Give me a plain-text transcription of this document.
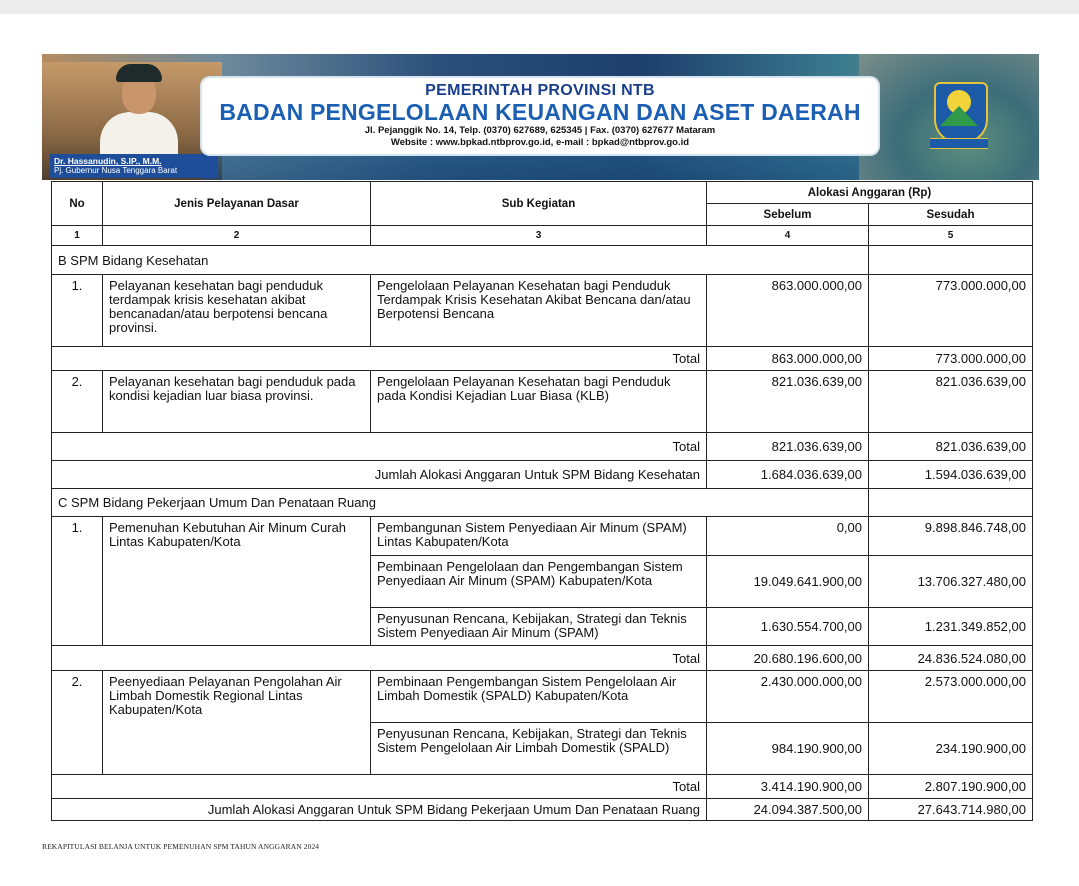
Dr. Hassanudin, S.IP., M.M.
Pj. Gubernur Nusa Tenggara Barat
PEMERINTAH PROVINSI NTB
BADAN PENGELOLAAN KEUANGAN DAN ASET DAERAH
Jl. Pejanggik No. 14, Telp. (0370) 627689, 625345 | Fax. (0370) 627677 Mataram
Website : www.bpkad.ntbprov.go.id, e-mail : bpkad@ntbprov.go.id
No	Jenis Pelayanan Dasar	Sub Kegiatan	Alokasi Anggaran (Rp)	
			Sebelum	Sesudah
1	2	3	4	5
B SPM Bidang Kesehatan				
1.	Pelayanan kesehatan bagi penduduk terdampak krisis kesehatan akibat bencanadan/atau berpotensi bencana provinsi.	Pengelolaan Pelayanan Kesehatan bagi Penduduk Terdampak Krisis Kesehatan Akibat Bencana dan/atau Berpotensi Bencana	863.000.000,00	773.000.000,00
Total			863.000.000,00	773.000.000,00
2.	Pelayanan kesehatan bagi penduduk pada kondisi kejadian luar biasa provinsi.	Pengelolaan Pelayanan Kesehatan bagi Penduduk pada Kondisi Kejadian Luar Biasa (KLB)	821.036.639,00	821.036.639,00
Total			821.036.639,00	821.036.639,00
Jumlah Alokasi Anggaran Untuk SPM Bidang Kesehatan			1.684.036.639,00	1.594.036.639,00
C SPM Bidang Pekerjaan Umum Dan Penataan Ruang				
1.	Pemenuhan Kebutuhan Air Minum Curah Lintas Kabupaten/Kota	Pembangunan Sistem Penyediaan Air Minum (SPAM) Lintas Kabupaten/Kota	0,00	9.898.846.748,00
		Pembinaan Pengelolaan dan Pengembangan Sistem Penyediaan Air Minum (SPAM) Kabupaten/Kota	19.049.641.900,00	13.706.327.480,00
		Penyusunan Rencana, Kebijakan, Strategi dan Teknis Sistem Penyediaan Air Minum (SPAM)	1.630.554.700,00	1.231.349.852,00
Total			20.680.196.600,00	24.836.524.080,00
2.	Peenyediaan Pelayanan Pengolahan Air Limbah Domestik Regional Lintas Kabupaten/Kota	Pembinaan Pengembangan Sistem Pengelolaan Air Limbah Domestik (SPALD) Kabupaten/Kota	2.430.000.000,00	2.573.000.000,00
		Penyusunan Rencana, Kebijakan, Strategi dan Teknis Sistem Pengelolaan Air Limbah Domestik (SPALD)	984.190.900,00	234.190.900,00
Total			3.414.190.900,00	2.807.190.900,00
Jumlah Alokasi Anggaran Untuk SPM Bidang Pekerjaan Umum Dan Penataan Ruang			24.094.387.500,00	27.643.714.980,00
REKAPITULASI BELANJA UNTUK PEMENUHAN SPM TAHUN ANGGARAN 2024
